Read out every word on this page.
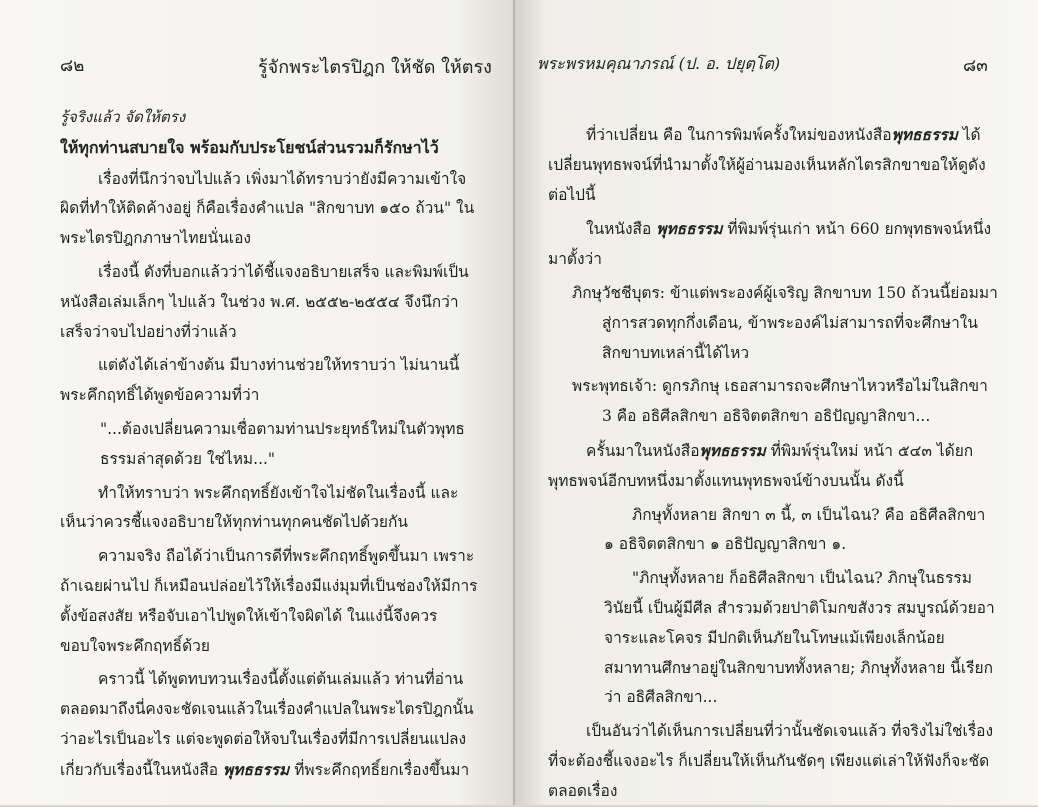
๘๒	รู้จักพระไตรปิฎก ให้ชัด ให้ตรง

รู้จริงแล้ว จัดให้ตรง

ให้ทุกท่านสบายใจ พร้อมกับประโยชน์ส่วนรวมก็รักษาไว้

เรื่องที่นึกว่าจบไปแล้ว เพิ่งมาได้ทราบว่ายังมีความเข้าใจผิดที่ทำให้ติดค้างอยู่ ก็คือเรื่องคำแปล "สิกขาบท ๑๕๐ ถ้วน" ในพระไตรปิฎกภาษาไทยนั่นเอง

เรื่องนี้ ดังที่บอกแล้วว่าได้ชี้แจงอธิบายเสร็จ และพิมพ์เป็นหนังสือเล่มเล็กๆ ไปแล้ว ในช่วง พ.ศ. ๒๕๕๒-๒๕๕๔ จึงนึกว่าเสร็จว่าจบไปอย่างที่ว่าแล้ว

แต่ดังได้เล่าข้างต้น มีบางท่านช่วยให้ทราบว่า ไม่นานนี้ พระคึกฤทธิ์ได้พูดข้อความที่ว่า

"...ต้องเปลี่ยนความเชื่อตามท่านประยุทธ์ใหม่ในตัวพุทธธรรมล่าสุดด้วย ใช่ไหม..."

ทำให้ทราบว่า พระคึกฤทธิ์ยังเข้าใจไม่ชัดในเรื่องนี้ และเห็นว่าควรชี้แจงอธิบายให้ทุกท่านทุกคนชัดไปด้วยกัน

ความจริง ถือได้ว่าเป็นการดีที่พระคึกฤทธิ์พูดขึ้นมา เพราะถ้าเฉยผ่านไป ก็เหมือนปล่อยไว้ให้เรื่องมีแง่มุมที่เป็นช่องให้มีการตั้งข้อสงสัย หรือจับเอาไปพูดให้เข้าใจผิดได้ ในแง่นี้จึงควรขอบใจพระคึกฤทธิ์ด้วย

คราวนี้ ได้พูดทบทวนเรื่องนี้ตั้งแต่ต้นเล่มแล้ว ท่านที่อ่านตลอดมาถึงนี่คงจะชัดเจนแล้วในเรื่องคำแปลในพระไตรปิฎกนั้นว่าอะไรเป็นอะไร แต่จะพูดต่อให้จบในเรื่องที่มีการเปลี่ยนแปลงเกี่ยวกับเรื่องนี้ในหนังสือ พุทธธรรม ที่พระคึกฤทธิ์ยกเรื่องขึ้นมา

พระพรหมคุณาภรณ์ (ป. อ. ปยุตฺโต)	๘๓

ที่ว่าเปลี่ยน คือ ในการพิมพ์ครั้งใหม่ของหนังสือพุทธธรรม ได้เปลี่ยนพุทธพจน์ที่นำมาตั้งให้ผู้อ่านมองเห็นหลักไตรสิกขาขอให้ดูดังต่อไปนี้

ในหนังสือ พุทธธรรม ที่พิมพ์รุ่นเก่า หน้า 660 ยกพุทธพจน์หนึ่งมาตั้งว่า

ภิกษุวัชชีบุตร: ข้าแต่พระองค์ผู้เจริญ สิกขาบท 150 ถ้วนนี้ย่อมมาสู่การสวดทุกกึ่งเดือน, ข้าพระองค์ไม่สามารถที่จะศึกษาในสิกขาบทเหล่านี้ได้ไหว

พระพุทธเจ้า: ดูกรภิกษุ เธอสามารถจะศึกษาไหวหรือไม่ในสิกขา 3 คือ อธิศีลสิกขา อธิจิตตสิกขา อธิปัญญาสิกขา...

ครั้นมาในหนังสือพุทธธรรม ที่พิมพ์รุ่นใหม่ หน้า ๕๔๓ ได้ยกพุทธพจน์อีกบทหนึ่งมาตั้งแทนพุทธพจน์ข้างบนนั้น ดังนี้

ภิกษุทั้งหลาย สิกขา ๓ นี้, ๓ เป็นไฉน? คือ อธิศีลสิกขา ๑ อธิจิตตสิกขา ๑ อธิปัญญาสิกขา ๑.

"ภิกษุทั้งหลาย ก็อธิศีลสิกขา เป็นไฉน? ภิกษุในธรรมวินัยนี้ เป็นผู้มีศีล สำรวมด้วยปาติโมกขสังวร สมบูรณ์ด้วยอาจาระและโคจร มีปกติเห็นภัยในโทษแม้เพียงเล็กน้อย สมาทานศึกษาอยู่ในสิกขาบททั้งหลาย; ภิกษุทั้งหลาย นี้เรียกว่า อธิศีลสิกขา...

เป็นอันว่าได้เห็นการเปลี่ยนที่ว่านั้นชัดเจนแล้ว ที่จริงไม่ใช่เรื่องที่จะต้องชี้แจงอะไร ก็เปลี่ยนให้เห็นกันชัดๆ เพียงแต่เล่าให้ฟังก็จะชัดตลอดเรื่อง
